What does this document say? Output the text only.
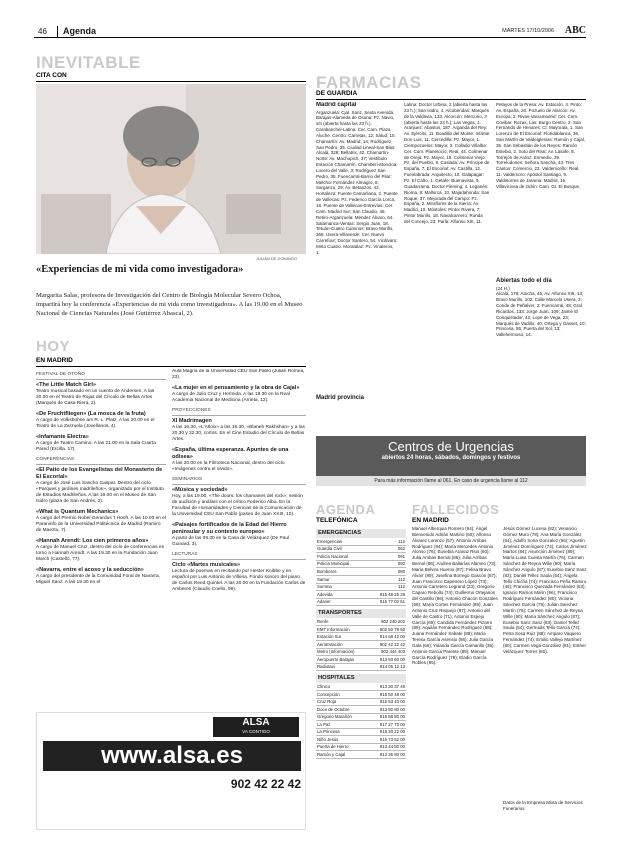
46	Agenda	MARTES 17/10/2006 ABC
INEVITABLE
CITA CON
JULIÁN DE DOMINGO
«Experiencias de mi vida como investigadora»
Margarita Salas, profesora de Investigación del Centro de Biología Molecular Severo Ochoa, impartirá hoy la conferencia «Experiencias de mi vida como investigadora». A las 19.00 en el Museo Nacional de Ciencias Naturales (José Gutiérrez Abascal, 2).
HOY
EN MADRID
FESTIVAL DE OTOÑO
«The Little Match Girl»
Teatro musical basado en un cuento de Andersen. A las 20.00 en el Teatro de Rojas del Círculo de Bellas Artes (Marqués de Casa Riera, 2).
«De Fruchtfliegen» (La mosca de la fruta)
A cargo de Volksbühne am R. L. Platz. A las 20.00 en el Teatro de La Zarzuela (Jovellanos, 4).
«Infamante Electra»
A cargo de Teatro Camino. A las 21.00 en la Sala Cuarta Pared (Ercilla, 17).
CONFERENCIAS
«El Patio de los Evangelistas del Monasterio de El Escorial»
A cargo de José Luis Sancho Gaspar. Dentro del ciclo «Parques y jardines madrileños», organizado por el Instituto de Estudios Madrileños. A las 19.00 en el Museo de San Isidro (plaza de San Andrés, 2).
«What is Quantum Mechanics»
A cargo del Premio Nobel Gerardus 't Hooft. A las 10.00 en el Paraninfo de la Universidad Politécnica de Madrid (Ramiro de Maeztu, 7).
«Hannah Arendt: Los cien primeros años»
A cargo de Manuel Cruz, dentro del ciclo de conferencias en torno a Hannah Arendt. A las 19.30 en la Fundación Juan March (Castelló, 77).
«Navarra, entre el acoso y la seducción»
A cargo del presidente de la Comunidad Foral de Navarra, Miguel Sanz. A las 19.30 en el
Aula Magna de la Universidad CEU San Pablo (Julián Romea, 23).
«La mujer en el pensamiento y la obra de Cajal»
A cargo de Julio Cruz y Hermida. A las 19.30 en la Real Academia Nacional de Medicina (Arrieta, 12).
PROYECCIONES
XI Madrimagen
A las 16.30, «L'Atloix» a las 18.30, «Blaneh Rakhshan» y a las 20.30 y 22.30, cortos. En el Cine Estudio del Círculo de Bellas Artes.
«España, última esperanza. Apuntes de una odisea»
A las 20.00 en la Filmoteca Nacional, dentro del ciclo «Imágenes contra el olvido».
SEMINARIOS
«Música y sociedad»
Hoy, a las 19.00, «The doors: los chamanes del rock»; sesión de audición y análisis con el crítico Federico Alba. En la Facultad de Humanidades y Ciencias de la Comunicación de la Universidad CEU San Pablo (paseo de Juan XXIII, 10).
«Paisajes fortificados de la Edad del Hierro peninsular y su contexto europeo»
A partir de las 09.30 en la Casa de Velázquez (De Paul Guinard, 3).
LECTURAS
Ciclo «Martes musicales»
Lectura de poemas en recitando por Hester Knibbe y en español por Luis Antonio de Villena. Fondo sonoro del piano de Carlos Reed Quintel. A las 20.00 en la Fundación Carlos de Amberes (Claudio Coello, 99).
ALSA
VA CONTIGO
www.alsa.es
902 42 22 42
FARMACIAS
DE GUARDIA
Madrid capital
Arganzuela: Cjal. Sanz, Sexta Avenida. Barajas-Alameda de Osuna: Pz. Navio, s/n (abierta hasta las 23 h.). Carabanchel-Latina: Cer. Cam. Plaza Aluche. Centro: Carretas, 12; Salud, 10. Chamartín: Av. Madrid, 14; Rodríguez San Pedro, 35. Ciudad Lineal-San Blas: Alcalá, 328; Bellatrix, 42. Chamartín-Norte: Av. Machupich, 37; Vestíbulo Estación Chamartín. Chamberí-Moncloa: Lucero del Valle, 3; Rodríguez San Pedro, 35. Fuencarral-Barrio del Pilar: Melchor Fernández Almagro, 8; Sarganzo, 29; Av. Betanzos, 42. Hortaleza: Fuente Camarliana, 2. Puente de Vallecas: Pz. Federico García Lorca, 18. Puente de Vallecas-Entrevías: Cer. Cam. Madrid Sur; San Claudio, 48. Retiro-Arganzuela: Méndez Álvaro, 64. Salamanca-Ventas: Sergio Juan, 18. Tetuán-Cuatro Caminos: Bravo Murillo, 368. Usera-Villaverde: Cer. Nuevo Carrefour; Doctor Santero, 54. Vicálvaro: Mirto Cuatro. Moratalaz: Pz. Vinateros, 1.
Madrid provincia
Latina: Doctor Urbina, 2 (abierta hasta las 23 h.); San Isidro, 4. Alcobendas: Marqués de la Valdavia, 133. Alcorcón: Mercurio, 3 (abierta hasta las 23 h.); Las Vegas, 1. Aranjuez: Abastos, 187. Arganda del Rey: Av. Ejército, 11. Boadilla del Monte: Infante Don Luis, 11. Cercedilla: Pz. Mayor, 1. Ciempozuelos: Mayor, 3. Collado Villalba: Cer. Com. Planetocio; Real, 44. Colmenar de Oreja: Pz. Mayor, 19. Colmenar Viejo: Pz. del Pueblo, 9. Coslada: Av. Príncipe de España, 7. El Escorial: Av. Castilla, 12. Fuenlabrada: Arquitecto, 10. Galapagar: Pz. El Caño, 1. Getafe: Buenavista, 9. Guadarrama: Doctor Fleming, 4. Leganés: Rioma, 8; Mallorca, 10. Majadahonda: San Roque, 37. Mejorada del Campo: Pz. España, 2. Miraflores de la Sierra: Av. Madrid, 10. Móstoles: Pintor Rivera, 7; Pintor Murillo, 18. Navalcarnero: Ronda del Concejo, 23. Parla: Alfonso XIII, 11.
Pelayos de la Presa: Av. Estación, 4. Pinto: Av. España, 20. Pozuelo de Alarcón: Av. Europa, 2. Rivas-Vaciamadrid: Cer. Com. Covibar. Rozas, Las: Burgo Centro, 2. San Fernando de Henares: Cl. Mayorala, 1. San Lorenzo de El Escorial: Floridablanca, 36. San Martín de Valdeiglesias: Ramón y Cajal, 35. San Sebastián de los Reyes: Ramón Estebio, 2. Soto del Real: Av. Lasafe, 8. Torrejón de Ardoz: Enmedio, 39. Torrelodones: Señora Sancha, 43. Tres Cantos: Comercio, 23. Valdemorillo: Real, 11. Valdemoro: Apóstol Santiago, 9. Valdetorres de Jarama: Madrid, 16. Villaviciosa de Odón: Cam. Gr. El Bosque.
Abiertas todo el día
(24 H.)
Alcalá, 178; Atocha, 46; Av. Alfonso XIII, 13; Bravo Murillo, 102; Calle Marcelo Usera, 3; Conde de Peñalver, 2; Fuencarral, 48; Gral. Ricardos, 133; Jorge Juan, 109; Jaime El Conquistador, 42; Lope de Vega, 23; Marqués de Vadillo, 40; Ortega y Gasset, 10; Princesa, 55; Puerta del Sol, 13; Vallehermoso, 14.
Centros de Urgencias
abiertos 24 horas, sábados, domingos y festivos
Para más información llame al 061. En caso de urgencia llame al 112
AGENDA
TELEFÓNICA
EMERGENCIAS
Emergencias	112
Guardia Civil	062
Policía Nacional	091
Policía Municipal	092
Bomberos	080
Samur	112
Summa	112
Adevida	915 48 25 29
Adaner	915 77 02 61
TRANSPORTES
Renfe	902 240 202
EMT Información	902 50 78 50
Estación Sur	914 68 42 00
AeroEstación	902 42 22 42
Metro (Información)	902 444 403
Aeropuerto Barajas	913 93 60 00
Radiotaxi	914 05 12 13
HOSPITALES
Clínico	913 30 37 48
Concepción	915 50 48 00
Cruz Roja	915 53 43 00
Doce de Octubre	913 90 80 00
Gregorio Marañón	915 86 80 00
La Paz	917 27 70 00
La Princesa	915 20 22 00
Niño Jesús	915 73 52 00
Puerta de Hierro	913 44 50 00
Ramón y Cajal	913 36 80 00
FALLECIDOS
EN MADRID
Manuel Alberquia Romero (94); Ángel Bienvenido Adrián Martino (60); Alfonso Álvarez Lorenzo (57); Antonio Arribas Rodríguez (94); María Mercedes Antonio Alonso (76); Eusebia Aranaz Rius (60); Julia Ambas Bernal (86); Julia Arribas Bernal (86); Andrea Ballarías Alameo (73); María Belvira Hueros (87); Felisa Bravo Alvarr (89); Josefina Borrego Gascón (87); Juan Francisco Capetrero López (73); Antonio Carretero Legrand (23); Gregorio Caparo Rebollo (74); Guillermo Ortejanos del Castillo (86); Antonio Chacón Gonzales (68); María Cortes Fernández (85); Juan Antonio Cruz Requejo (87); Antonio del Valle de Castro (71); Antonio Espejo García (69); Candida Fernández Pizarro (89); Aquilán Fernández Rodríguez (88); Juana Fernández Sabate (89); María Teresa García Asensio (86); Julia García Gala (66); Yolanda García Camarillo (36); Antonio García Parente (88); Manuel García Rodríguez (78); Eladio García Robles (95).
Jesús Gómez Lucena (82); Venancio Gómez Muro (78); Ana María González (64); Adolfo Soria Gonzalez (56); Agustín Jiménez Domínguez (74); Carlos Jiménez Martos (84); Asunción Jiménez (89); María Luisa Cuesta Martín (76); Carmen Sánchez de Reyna Wille (90); María Sánchez Angulo (87); Eusebio Sanz Sanz (83); Daniel Tellez Saula (54); Ángela Tello Chicha (74); Francisco Peña Ramiro (46); Francisco Quezada Fernández (53); Ignacio Ramos Marín (96); Francisco Rodríguez Fernández (80); Victoria Sánchez García (75); Julián Sanchez Martín (76); Carmen Sánchez de Reyna Wille (90); María Sánchez Angulo (87); Eusebio Sanz Sanz (83); Daniel Tellez Saula (54); Gertrudis Tello García (74); Petra Sosa Ruiz (88); Amparo Vaquero Fernández (74); Emilio Vallejo Martínez (80); Carmen Vega González (81); Esther Velázquez Torres (80).
Datos de la Empresa Mixta de Servicios Funerarios
